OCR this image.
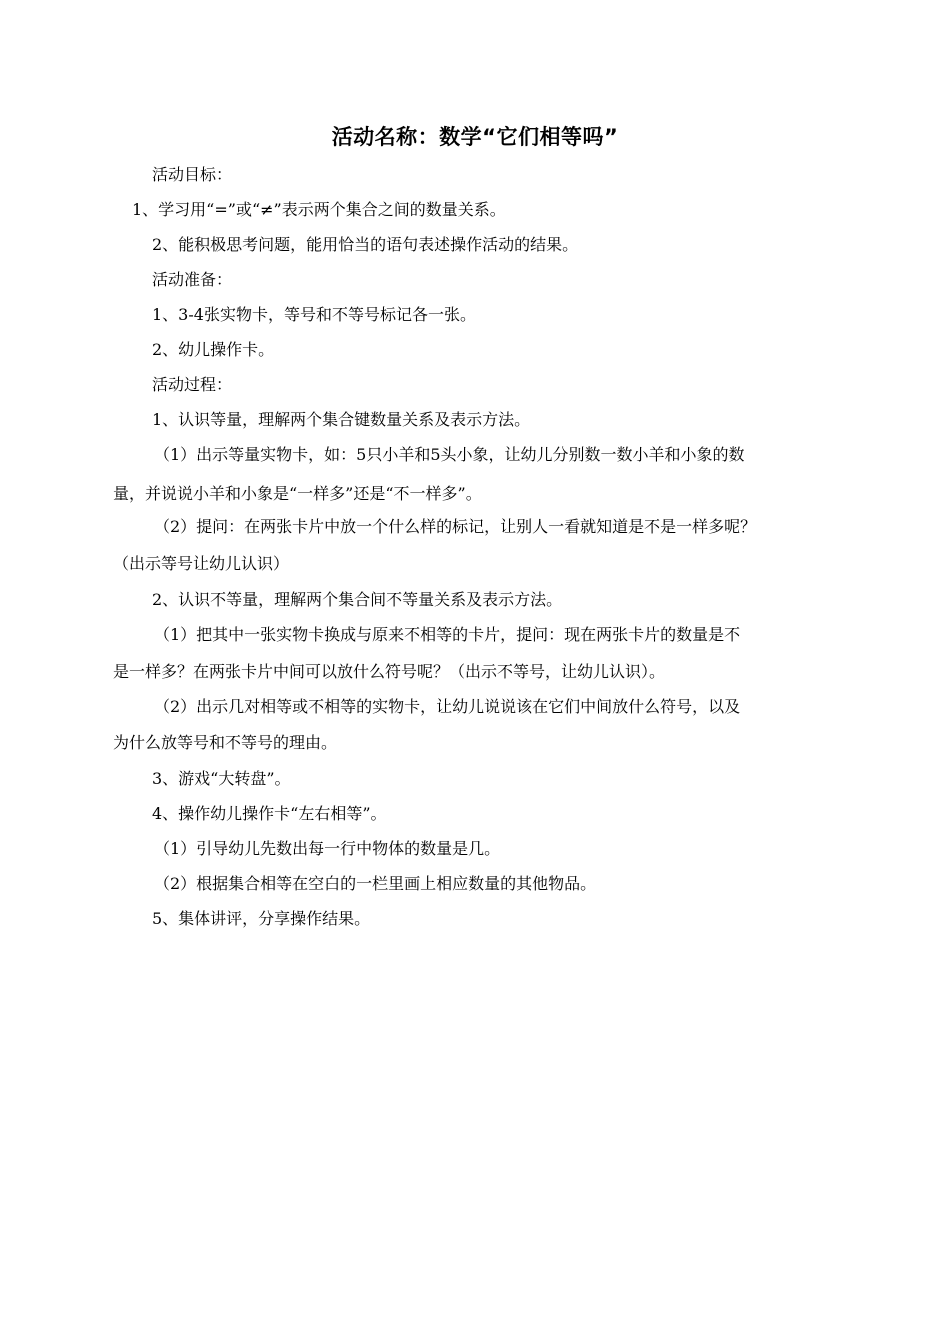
活动名称：数学“它们相等吗”
活动目标：
1、学习用“=”或“≠”表示两个集合之间的数量关系。
2、能积极思考问题，能用恰当的语句表述操作活动的结果。
活动准备：
1、3-4张实物卡，等号和不等号标记各一张。
2、幼儿操作卡。
活动过程：
1、认识等量，理解两个集合键数量关系及表示方法。
（1）出示等量实物卡，如：5只小羊和5头小象，让幼儿分别数一数小羊和小象的数
量，并说说小羊和小象是“一样多”还是“不一样多”。
（2）提问：在两张卡片中放一个什么样的标记，让别人一看就知道是不是一样多呢？
（出示等号让幼儿认识）
2、认识不等量，理解两个集合间不等量关系及表示方法。
（1）把其中一张实物卡换成与原来不相等的卡片，提问：现在两张卡片的数量是不
是一样多？在两张卡片中间可以放什么符号呢？（出示不等号，让幼儿认识）。
（2）出示几对相等或不相等的实物卡，让幼儿说说该在它们中间放什么符号，以及
为什么放等号和不等号的理由。
3、游戏“大转盘”。
4、操作幼儿操作卡“左右相等”。
（1）引导幼儿先数出每一行中物体的数量是几。
（2）根据集合相等在空白的一栏里画上相应数量的其他物品。
5、集体讲评，分享操作结果。
